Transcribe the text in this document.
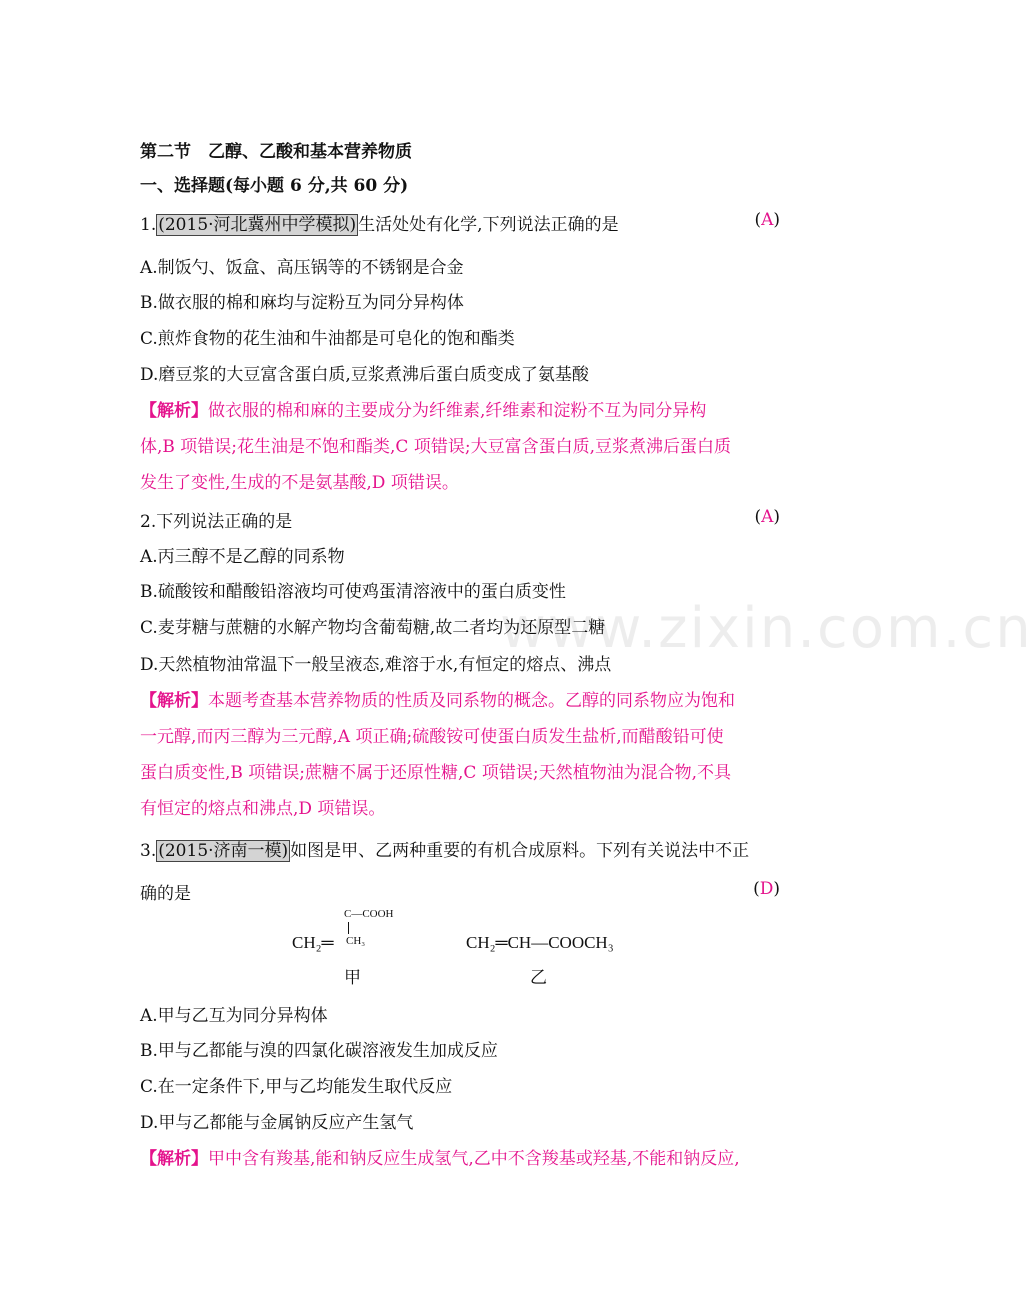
www.zixin.com.cn
第二节　乙醇、乙酸和基本营养物质
一、选择题(每小题 6 分,共 60 分)
1. (2015·河北冀州中学模拟) 生活处处有化学,下列说法正确的是	(A)
A.制饭勺、饭盒、高压锅等的不锈钢是合金
B.做衣服的棉和麻均与淀粉互为同分异构体
C.煎炸食物的花生油和牛油都是可皂化的饱和酯类
D.磨豆浆的大豆富含蛋白质,豆浆煮沸后蛋白质变成了氨基酸
【解析】做衣服的棉和麻的主要成分为纤维素,纤维素和淀粉不互为同分异构
体,B 项错误;花生油是不饱和酯类,C 项错误;大豆富含蛋白质,豆浆煮沸后蛋白质
发生了变性,生成的不是氨基酸,D 项错误。
2.下列说法正确的是	(A)
A.丙三醇不是乙醇的同系物
B.硫酸铵和醋酸铅溶液均可使鸡蛋清溶液中的蛋白质变性
C.麦芽糖与蔗糖的水解产物均含葡萄糖,故二者均为还原型二糖
D.天然植物油常温下一般呈液态,难溶于水,有恒定的熔点、沸点
【解析】本题考查基本营养物质的性质及同系物的概念。乙醇的同系物应为饱和
一元醇,而丙三醇为三元醇,A 项正确;硫酸铵可使蛋白质发生盐析,而醋酸铅可使
蛋白质变性,B 项错误;蔗糖不属于还原性糖,C 项错误;天然植物油为混合物,不具
有恒定的熔点和沸点,D 项错误。
3. (2015·济南一模) 如图是甲、乙两种重要的有机合成原料。下列有关说法中不正
确的是	(D)
C—COOH
CH₂═ CH₃
甲
CH₂═CH—COOCH₃
乙
A.甲与乙互为同分异构体
B.甲与乙都能与溴的四氯化碳溶液发生加成反应
C.在一定条件下,甲与乙均能发生取代反应
D.甲与乙都能与金属钠反应产生氢气
【解析】甲中含有羧基,能和钠反应生成氢气,乙中不含羧基或羟基,不能和钠反应,
